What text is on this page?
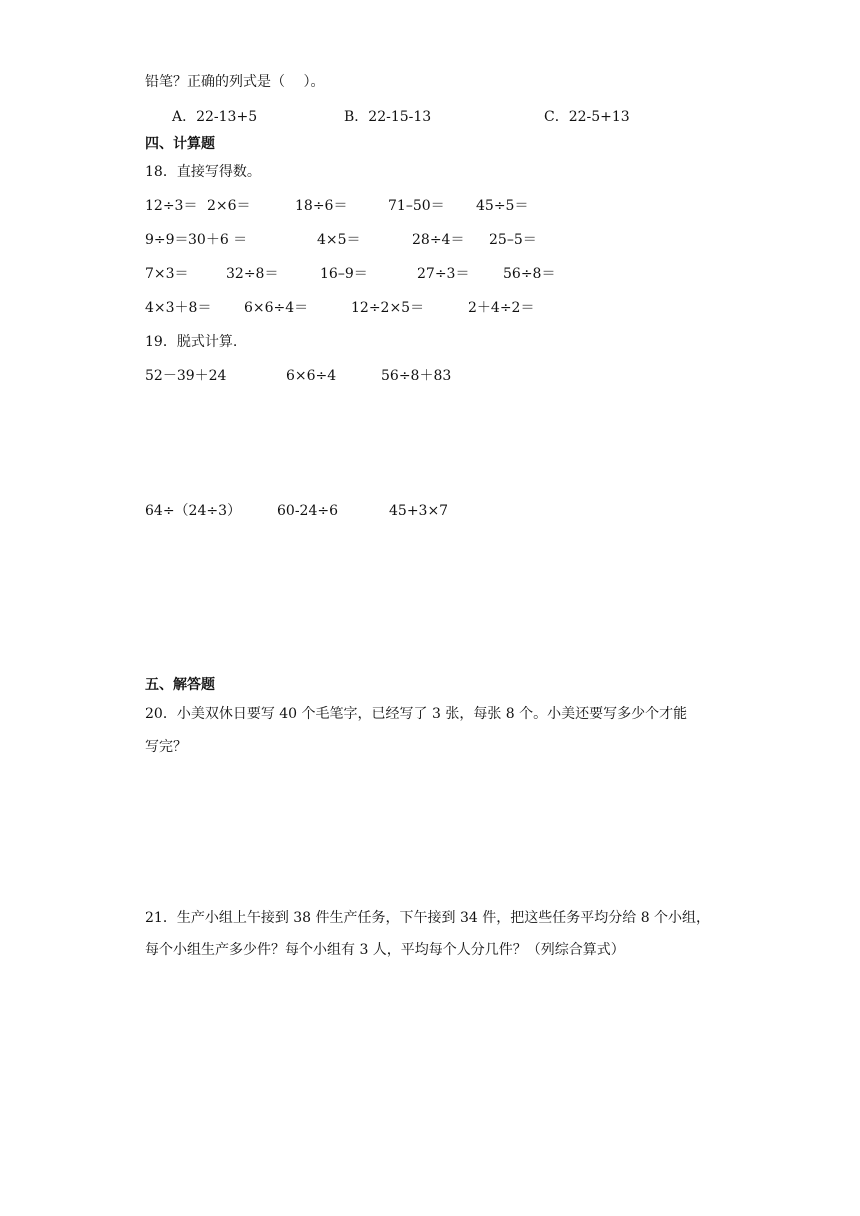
铅笔？正确的列式是（　 ）。
A．22-13+5	B．22-15-13	C．22-5+13
四、计算题
18．直接写得数。
12÷3＝ 2×6＝	18÷6＝	71–50＝ 45÷5＝
9÷9＝ 30＋6 ＝	4×5＝	28÷4＝ 25–5＝
7×3＝	32÷8＝	16–9＝	27÷3＝ 56÷8＝
4×3＋8＝ 6×6÷4＝	12÷2×5＝	2＋4÷2＝
19．脱式计算.
52－39＋24	6×6÷4	56÷8＋83
64÷（24÷3）	60-24÷6	45+3×7
五、解答题
20．小美双休日要写 40 个毛笔字，已经写了 3 张，每张 8 个。小美还要写多少个才能
写完？
21．生产小组上午接到 38 件生产任务，下午接到 34 件，把这些任务平均分给 8 个小组，
每个小组生产多少件？每个小组有 3 人，平均每个人分几件？（列综合算式）
